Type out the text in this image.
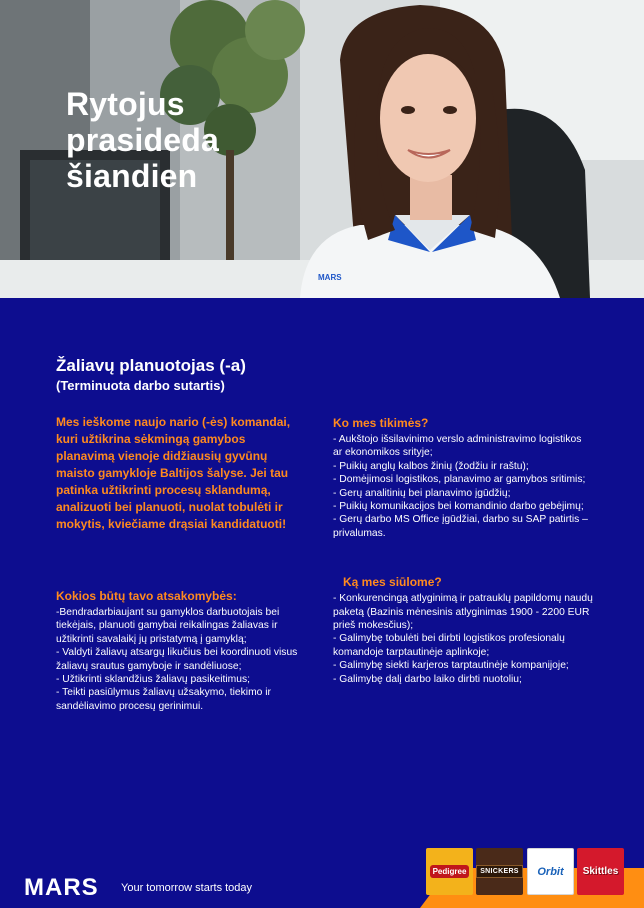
MARS
Rytojus
prasideda
šiandien
Žaliavų planuotojas (-a)
(Terminuota darbo sutartis)
Mes ieškome naujo nario (-ės) komandai, kuri užtikrina sėkmingą gamybos planavimą vienoje didžiausių gyvūnų maisto gamykloje Baltijos šalyse. Jei tau patinka užtikrinti procesų sklandumą, analizuoti bei planuoti, nuolat tobulėti ir mokytis, kviečiame drąsiai kandidatuoti!
Kokios būtų tavo atsakomybės:
-Bendradarbiaujant su gamyklos darbuotojais bei tiekėjais, planuoti gamybai reikalingas žaliavas ir užtikrinti savalaikį jų pristatymą į gamyklą;
- Valdyti žaliavų atsargų likučius bei koordinuoti visus žaliavų srautus gamyboje ir sandėliuose;
- Užtikrinti sklandžius žaliavų pasikeitimus;
- Teikti pasiūlymus žaliavų užsakymo, tiekimo ir sandėliavimo procesų gerinimui.
Ko mes tikimės?
- Aukštojo išsilavinimo verslo administravimo logistikos ar ekonomikos srityje;
- Puikių anglų kalbos žinių (žodžiu ir raštu);
- Domėjimosi logistikos, planavimo ar gamybos sritimis;
- Gerų analitinių bei planavimo įgūdžių;
- Puikių komunikacijos bei komandinio darbo gebėjimų;
- Gerų darbo MS Office įgūdžiai, darbo su SAP patirtis – privalumas.
Ką mes siūlome?
- Konkurencingą atlyginimą ir patrauklų papildomų naudų paketą (Bazinis mėnesinis atlyginimas 1900 - 2200 EUR prieš mokesčius);
- Galimybę tobulėti bei dirbti logistikos profesionalų komandoje tarptautinėje aplinkoje;
- Galimybę siekti karjeros tarptautinėje kompanijoje;
- Galimybę dalį darbo laiko dirbti nuotoliu;
MARS Your tomorrow starts today
Pedigree	SNICKERS	Orbit Skittles
